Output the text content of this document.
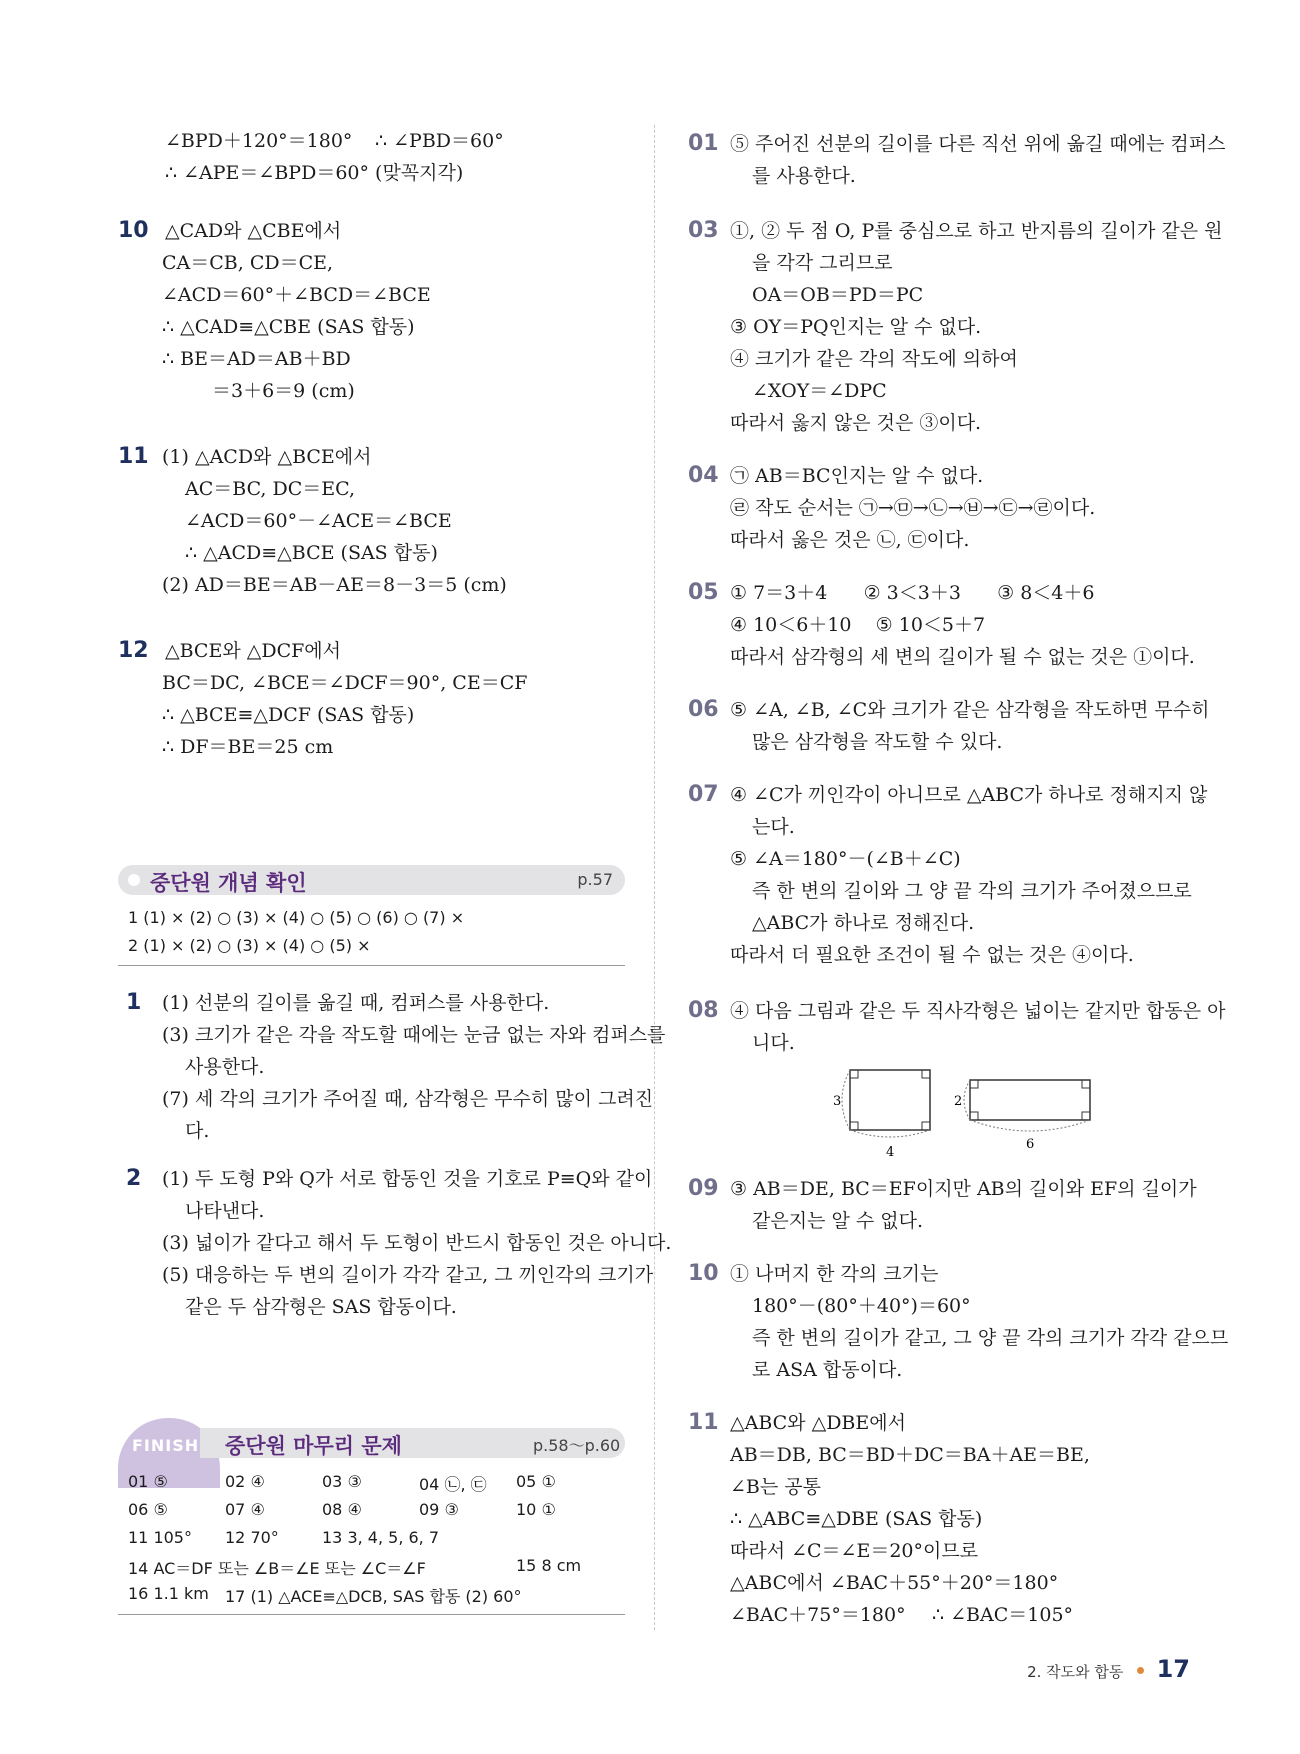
∠BPD＋120°＝180° ∴ ∠PBD＝60°
∴ ∠APE＝∠BPD＝60° (맞꼭지각)
10 △CAD와 △CBE에서
CA＝CB, CD＝CE,
∠ACD＝60°＋∠BCD＝∠BCE
∴ △CAD≡△CBE (SAS 합동)
∴ BE＝AD＝AB＋BD
＝3＋6＝9 (cm)
11 (1) △ACD와 △BCE에서
AC＝BC, DC＝EC,
∠ACD＝60°－∠ACE＝∠BCE
∴ △ACD≡△BCE (SAS 합동)
(2) AD＝BE＝AB－AE＝8－3＝5 (cm)
12 △BCE와 △DCF에서
BC＝DC, ∠BCE＝∠DCF＝90°, CE＝CF
∴ △BCE≡△DCF (SAS 합동)
∴ DF＝BE＝25 cm
중단원 개념 확인	p.57
1 (1) × (2) ○ (3) × (4) ○ (5) ○ (6) ○ (7) ×
2 (1) × (2) ○ (3) × (4) ○ (5) ×
1 (1) 선분의 길이를 옮길 때, 컴퍼스를 사용한다.
(3) 크기가 같은 각을 작도할 때에는 눈금 없는 자와 컴퍼스를
사용한다.
(7) 세 각의 크기가 주어질 때, 삼각형은 무수히 많이 그려진
다.
2 (1) 두 도형 P와 Q가 서로 합동인 것을 기호로 P≡Q와 같이
나타낸다.
(3) 넓이가 같다고 해서 두 도형이 반드시 합동인 것은 아니다.
(5) 대응하는 두 변의 길이가 각각 같고, 그 끼인각의 크기가
같은 두 삼각형은 SAS 합동이다.
FINISH 중단원 마무리 문제	p.58～p.60
01 ⑤	02 ④	03 ③	04 ㉡, ㉢ 05 ①
06 ⑤	07 ④	08 ④	09 ③	10 ①
11 105° 12 70°	13 3, 4, 5, 6, 7
14 AC＝DF 또는 ∠B＝∠E 또는 ∠C＝∠F	15 8 cm
16 1.1 km 17 (1) △ACE≡△DCB, SAS 합동 (2) 60°
01 ⑤ 주어진 선분의 길이를 다른 직선 위에 옮길 때에는 컴퍼스
를 사용한다.
03 ①, ② 두 점 O, P를 중심으로 하고 반지름의 길이가 같은 원
을 각각 그리므로
OA＝OB＝PD＝PC
③ OY＝PQ인지는 알 수 없다.
④ 크기가 같은 각의 작도에 의하여
∠XOY＝∠DPC
따라서 옳지 않은 것은 ③이다.
04 ㉠ AB＝BC인지는 알 수 없다.
㉣ 작도 순서는 ㉠→㉤→㉡→㉥→㉢→㉣이다.
따라서 옳은 것은 ㉡, ㉢이다.
05 ① 7＝3＋4      ② 3＜3＋3      ③ 8＜4＋6
④ 10＜6＋10    ⑤ 10＜5＋7
따라서 삼각형의 세 변의 길이가 될 수 없는 것은 ①이다.
06 ⑤ ∠A, ∠B, ∠C와 크기가 같은 삼각형을 작도하면 무수히
많은 삼각형을 작도할 수 있다.
07 ④ ∠C가 끼인각이 아니므로 △ABC가 하나로 정해지지 않
는다.
⑤ ∠A＝180°－(∠B＋∠C)
즉 한 변의 길이와 그 양 끝 각의 크기가 주어졌으므로
△ABC가 하나로 정해진다.
따라서 더 필요한 조건이 될 수 없는 것은 ④이다.
08 ④ 다음 그림과 같은 두 직사각형은 넓이는 같지만 합동은 아
니다.
3
4
2
6
09 ③ AB＝DE, BC＝EF이지만 AB의 길이와 EF의 길이가
같은지는 알 수 없다.
10 ① 나머지 한 각의 크기는
180°－(80°＋40°)＝60°
즉 한 변의 길이가 같고, 그 양 끝 각의 크기가 각각 같으므
로 ASA 합동이다.
11 △ABC와 △DBE에서
AB＝DB, BC＝BD＋DC＝BA＋AE＝BE,
∠B는 공통
∴ △ABC≡△DBE (SAS 합동)
따라서 ∠C＝∠E＝20°이므로
△ABC에서 ∠BAC＋55°＋20°＝180°
∠BAC＋75°＝180° ∴ ∠BAC＝105°
2. 작도와 합동 17
